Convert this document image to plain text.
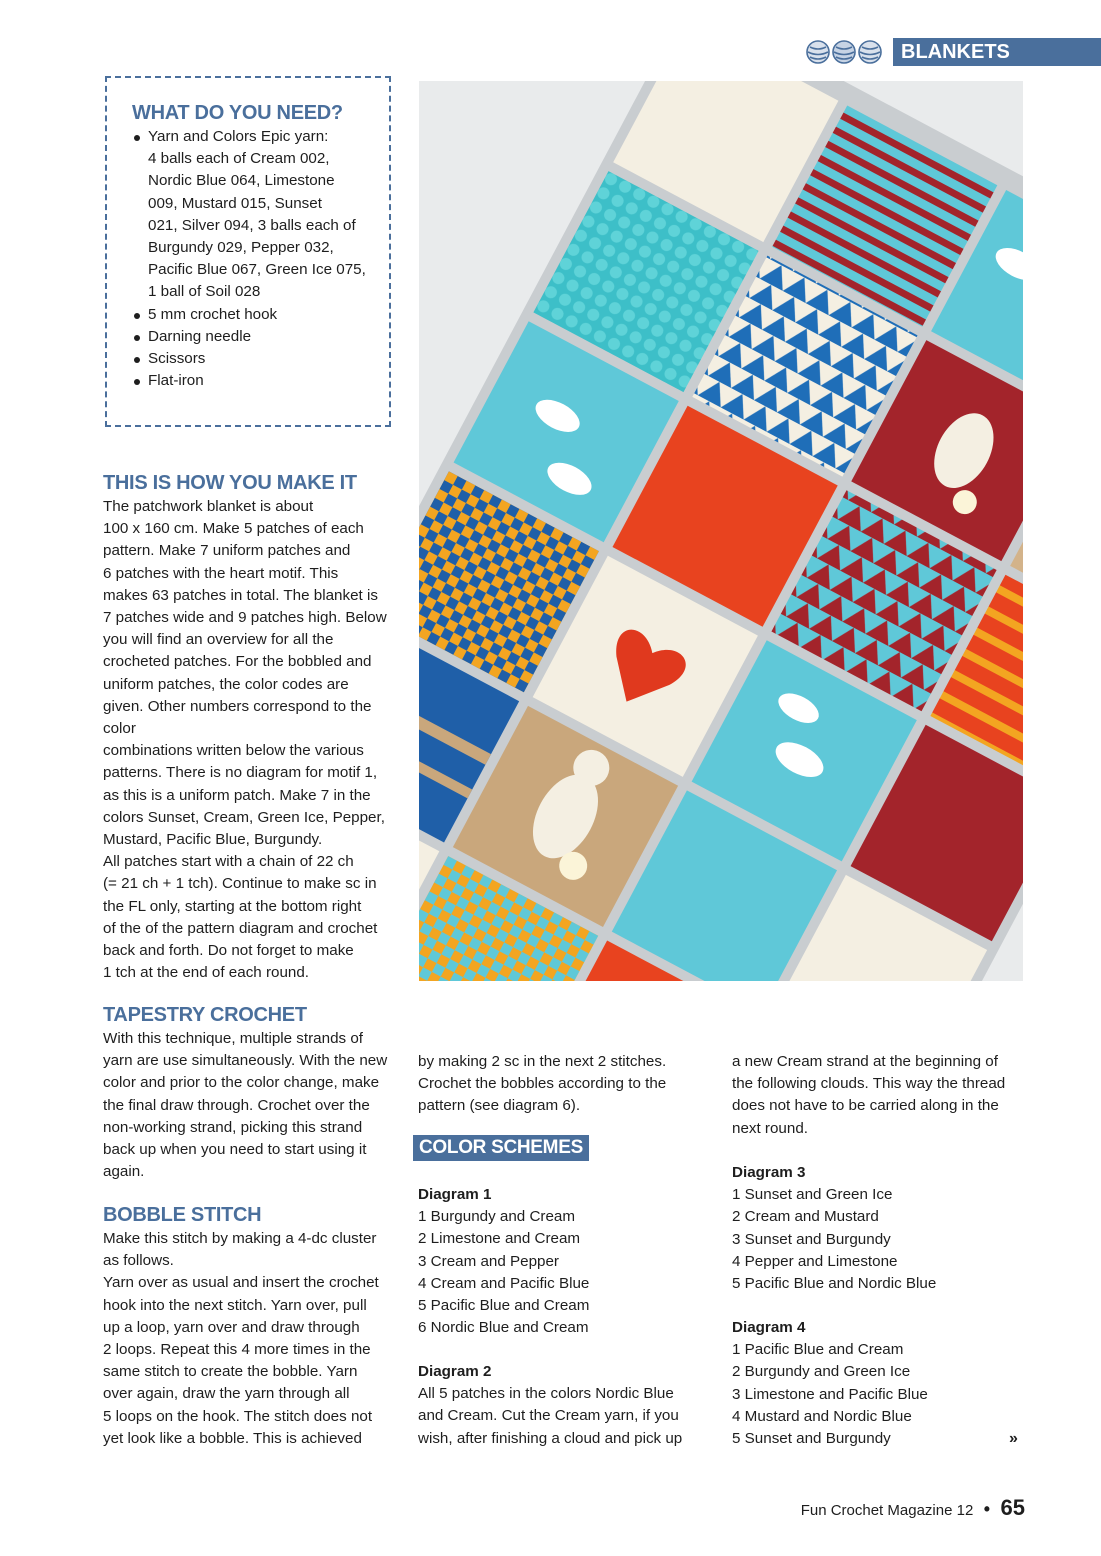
BLANKETS
WHAT DO YOU NEED?
Yarn and Colors Epic yarn:
4 balls each of Cream 002,
Nordic Blue 064, Limestone
009, Mustard 015, Sunset
021, Silver 094, 3 balls each of
Burgundy 029, Pepper 032,
Pacific Blue 067, Green Ice 075,
1 ball of Soil 028
5 mm crochet hook
Darning needle
Scissors
Flat-iron
THIS IS HOW YOU MAKE IT
The patchwork blanket is about
100 x 160 cm. Make 5 patches of each
pattern. Make 7 uniform patches and
6 patches with the heart motif. This
makes 63 patches in total. The blanket is
7 patches wide and 9 patches high. Below
you will find an overview for all the
crocheted patches. For the bobbled and
uniform patches, the color codes are
given. Other numbers correspond to the
color
combinations written below the various
patterns. There is no diagram for motif 1,
as this is a uniform patch. Make 7 in the
colors Sunset, Cream, Green Ice, Pepper,
Mustard, Pacific Blue, Burgundy.
All patches start with a chain of 22 ch
(= 21 ch + 1 tch). Continue to make sc in
the FL only, starting at the bottom right
of the of the pattern diagram and crochet
back and forth. Do not forget to make
1 tch at the end of each round.
TAPESTRY CROCHET
With this technique, multiple strands of
yarn are use simultaneously. With the new
color and prior to the color change, make
the final draw through. Crochet over the
non-working strand, picking this strand
back up when you need to start using it
again.
BOBBLE STITCH
Make this stitch by making a 4-dc cluster
as follows.
Yarn over as usual and insert the crochet
hook into the next stitch. Yarn over, pull
up a loop, yarn over and draw through
2 loops. Repeat this 4 more times in the
same stitch to create the bobble. Yarn
over again, draw the yarn through all
5 loops on the hook. The stitch does not
yet look like a bobble. This is achieved
by making 2 sc in the next 2 stitches.
Crochet the bobbles according to the
pattern (see diagram 6).
COLOR SCHEMES
Diagram 1
1 Burgundy and Cream
2 Limestone and Cream
3 Cream and Pepper
4 Cream and Pacific Blue
5 Pacific Blue and Cream
6 Nordic Blue and Cream
Diagram 2
All 5 patches in the colors Nordic Blue
and Cream. Cut the Cream yarn, if you
wish, after finishing a cloud and pick up
a new Cream strand at the beginning of
the following clouds. This way the thread
does not have to be carried along in the
next round.
Diagram 3
1 Sunset and Green Ice
2 Cream and Mustard
3 Sunset and Burgundy
4 Pepper and Limestone
5 Pacific Blue and Nordic Blue
Diagram 4
1 Pacific Blue and Cream
2 Burgundy and Green Ice
3 Limestone and Pacific Blue
4 Mustard and Nordic Blue
5 Sunset and Burgundy	»
Fun Crochet Magazine 12 • 65
